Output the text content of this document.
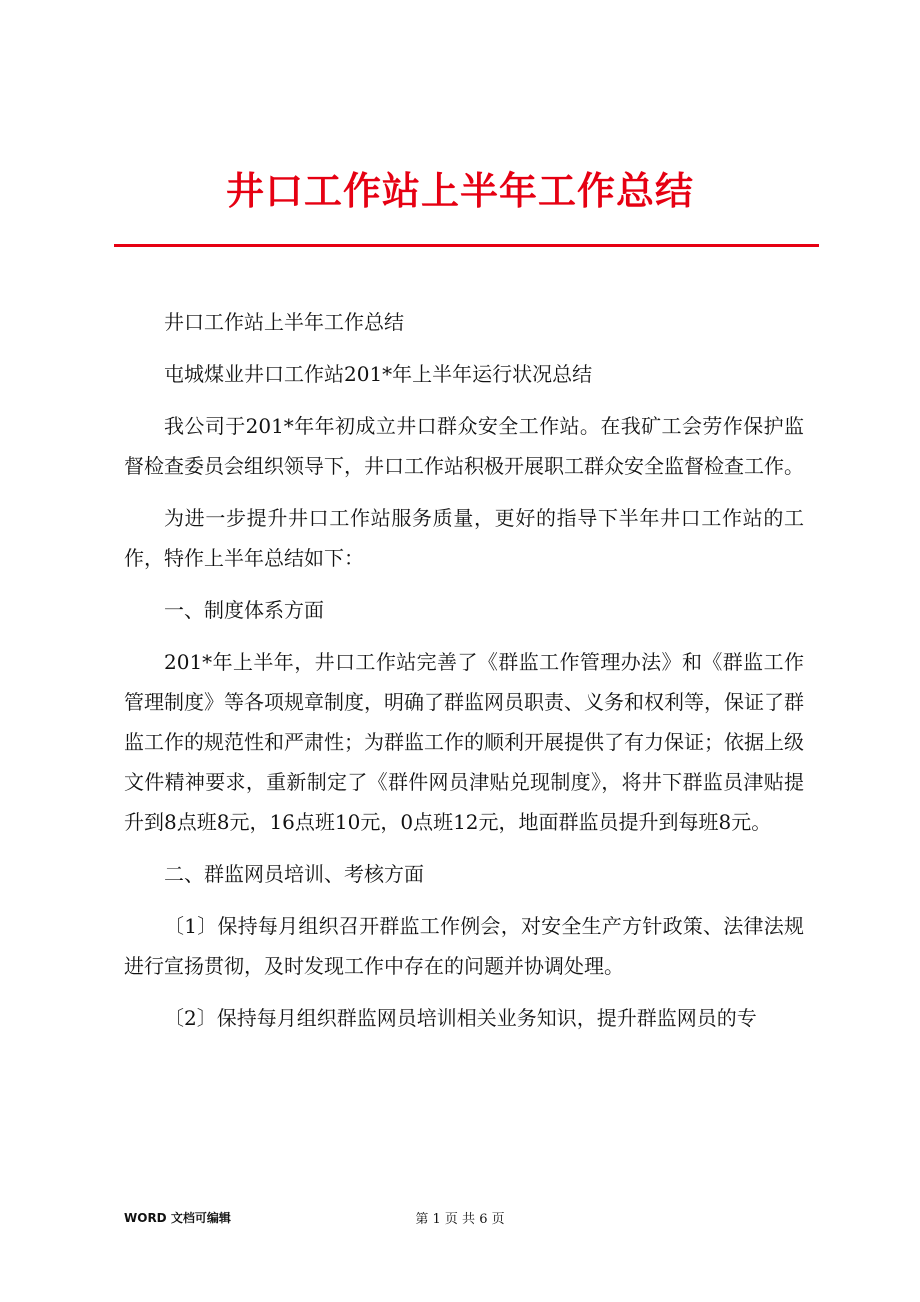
井口工作站上半年工作总结

井口工作站上半年工作总结

屯城煤业井口工作站201*年上半年运行状况总结

我公司于201*年年初成立井口群众安全工作站。在我矿工会劳作保护监督检查委员会组织领导下，井口工作站积极开展职工群众安全监督检查工作。

为进一步提升井口工作站服务质量，更好的指导下半年井口工作站的工作，特作上半年总结如下：

一、制度体系方面

201*年上半年，井口工作站完善了《群监工作管理办法》和《群监工作管理制度》等各项规章制度，明确了群监网员职责、义务和权利等，保证了群监工作的规范性和严肃性；为群监工作的顺利开展提供了有力保证；依据上级文件精神要求，重新制定了《群件网员津贴兑现制度》，将井下群监员津贴提升到8点班8元，16点班10元，0点班12元，地面群监员提升到每班8元。

二、群监网员培训、考核方面

〔1〕保持每月组织召开群监工作例会，对安全生产方针政策、法律法规进行宣扬贯彻，及时发现工作中存在的问题并协调处理。

〔2〕保持每月组织群监网员培训相关业务知识，提升群监网员的专

WORD 文档可编辑	第 1 页 共 6 页
